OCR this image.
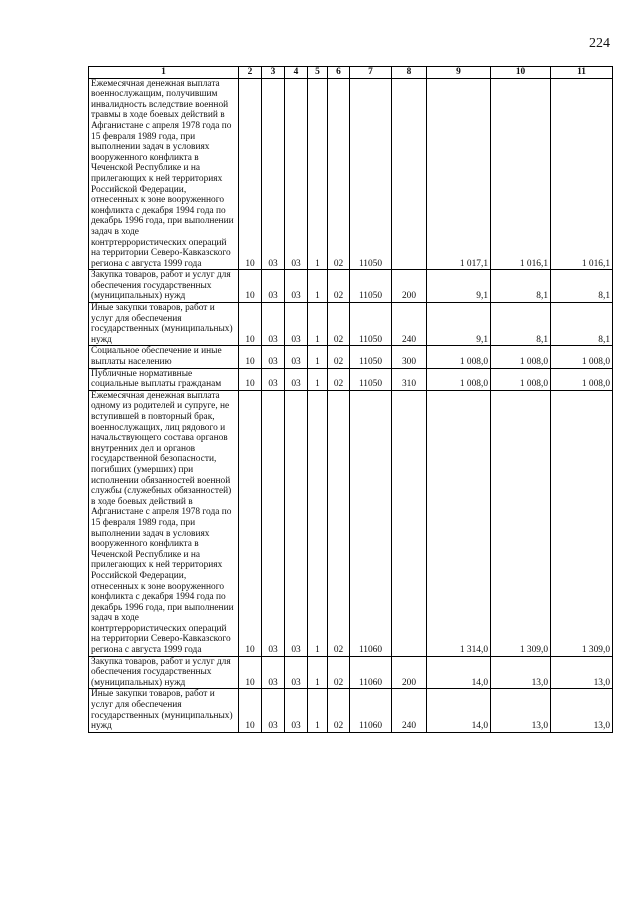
224
1	2	3	4	5	6	7	8	9	10	11
Ежемесячная денежная выплата военнослужащим, получившим инвалидность вследствие военной травмы в ходе боевых действий в Афганистане с апреля 1978 года по 15 февраля 1989 года, при выполнении задач в условиях вооруженного конфликта в Чеченской Республике и на прилегающих к ней территориях Российской Федерации, отнесенных к зоне вооруженного конфликта с декабря 1994 года по декабрь 1996 года, при выполнении задач в ходе контртеррористических операций на территории Северо-Кавказского региона с августа 1999 года	10	03	03	1	02	11050		1 017,1	1 016,1	1 016,1
Закупка товаров, работ и услуг для обеспечения государственных (муниципальных) нужд	10	03	03	1	02	11050	200	9,1	8,1	8,1
Иные закупки товаров, работ и услуг для обеспечения государственных (муниципальных) нужд	10	03	03	1	02	11050	240	9,1	8,1	8,1
Социальное обеспечение и иные выплаты населению	10	03	03	1	02	11050	300	1 008,0	1 008,0	1 008,0
Публичные нормативные социальные выплаты гражданам	10	03	03	1	02	11050	310	1 008,0	1 008,0	1 008,0
Ежемесячная денежная выплата одному из родителей и супруге, не вступившей в повторный брак, военнослужащих, лиц рядового и начальствующего состава органов внутренних дел и органов государственной безопасности, погибших (умерших) при исполнении обязанностей военной службы (служебных обязанностей) в ходе боевых действий в Афганистане с апреля 1978 года по 15 февраля 1989 года, при выполнении задач в условиях вооруженного конфликта в Чеченской Республике и на прилегающих к ней территориях Российской Федерации, отнесенных к зоне вооруженного конфликта с декабря 1994 года по декабрь 1996 года, при выполнении задач в ходе контртеррористических операций на территории Северо-Кавказского региона с августа 1999 года	10	03	03	1	02	11060		1 314,0	1 309,0	1 309,0
Закупка товаров, работ и услуг для обеспечения государственных (муниципальных) нужд	10	03	03	1	02	11060	200	14,0	13,0	13,0
Иные закупки товаров, работ и услуг для обеспечения государственных (муниципальных) нужд	10	03	03	1	02	11060	240	14,0	13,0	13,0
